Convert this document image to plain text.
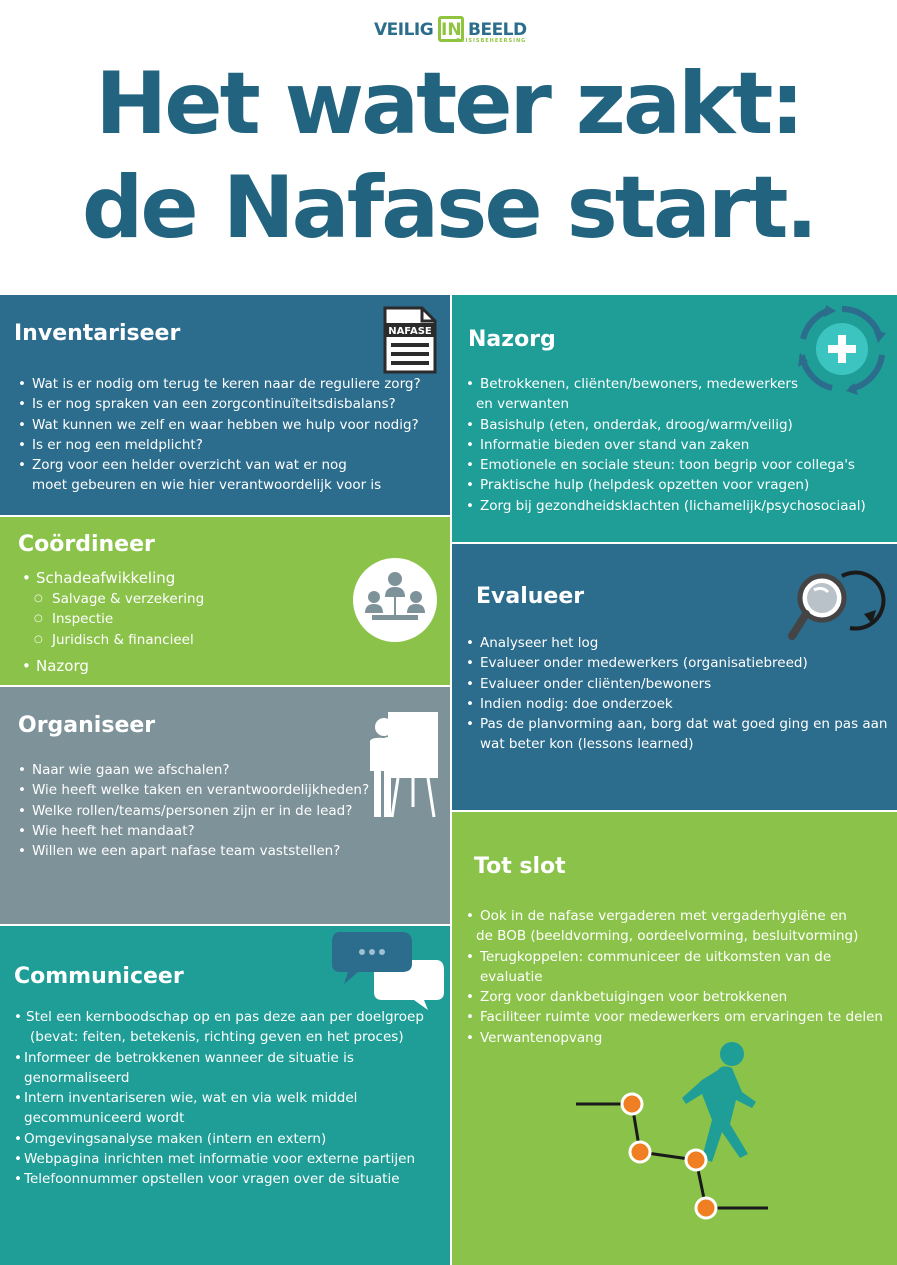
VEILIG IN BEELD
CRISISBEHEERSING
Het water zakt:
de Nafase start.
Inventariseer	NAFASE
• Wat is er nodig om terug te keren naar de reguliere zorg?
• Is er nog spraken van een zorgcontinuïteitsdisbalans?
• Wat kunnen we zelf en waar hebben we hulp voor nodig?
• Is er nog een meldplicht?
• Zorg voor een helder overzicht van wat er nog
moet gebeuren en wie hier verantwoordelijk voor is
Coördineer
• Schadeafwikkeling
○ Salvage & verzekering
○ Inspectie
○ Juridisch & financieel
• Nazorg
Organiseer
• Naar wie gaan we afschalen?
• Wie heeft welke taken en verantwoordelijkheden?
• Welke rollen/teams/personen zijn er in de lead?
• Wie heeft het mandaat?
• Willen we een apart nafase team vaststellen?
Communiceer
• Stel een kernboodschap op en pas deze aan per doelgroep
(bevat: feiten, betekenis, richting geven en het proces)
• Informeer de betrokkenen wanneer de situatie is
genormaliseerd
• Intern inventariseren wie, wat en via welk middel
gecommuniceerd wordt
• Omgevingsanalyse maken (intern en extern)
• Webpagina inrichten met informatie voor externe partijen
• Telefoonnummer opstellen voor vragen over de situatie
Nazorg
• Betrokkenen, cliënten/bewoners, medewerkers
en verwanten
• Basishulp (eten, onderdak, droog/warm/veilig)
• Informatie bieden over stand van zaken
• Emotionele en sociale steun: toon begrip voor collega's
• Praktische hulp (helpdesk opzetten voor vragen)
• Zorg bij gezondheidsklachten (lichamelijk/psychosociaal)
Evalueer
• Analyseer het log
• Evalueer onder medewerkers (organisatiebreed)
• Evalueer onder cliënten/bewoners
• Indien nodig: doe onderzoek
• Pas de planvorming aan, borg dat wat goed ging en pas aan
wat beter kon (lessons learned)
Tot slot
• Ook in de nafase vergaderen met vergaderhygiëne en
de BOB (beeldvorming, oordeelvorming, besluitvorming)
• Terugkoppelen: communiceer de uitkomsten van de evaluatie
• Zorg voor dankbetuigingen voor betrokkenen
• Faciliteer ruimte voor medewerkers om ervaringen te delen
• Verwantenopvang
